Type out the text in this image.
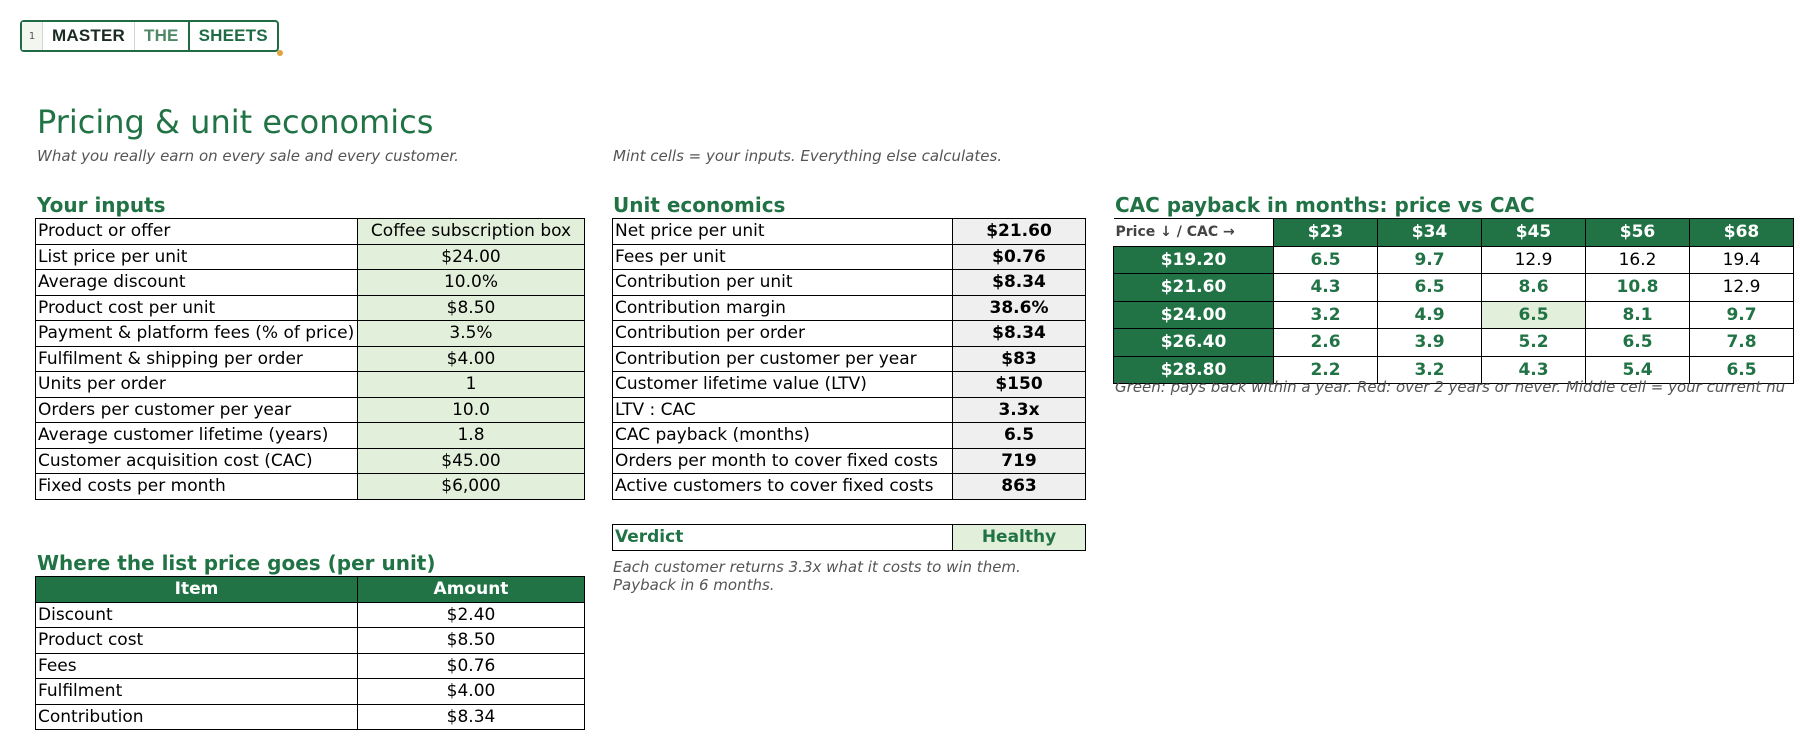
1 MASTER	THE	SHEETS
Pricing & unit economics
What you really earn on every sale and every customer.	Mint cells = your inputs. Everything else calculates.
Your inputs
Product or offer	Coffee subscription box
List price per unit	$24.00
Average discount	10.0%
Product cost per unit	$8.50
Payment & platform fees (% of price)	3.5%
Fulfilment & shipping per order	$4.00
Units per order	1
Orders per customer per year	10.0
Average customer lifetime (years)	1.8
Customer acquisition cost (CAC)	$45.00
Fixed costs per month	$6,000
Unit economics
Net price per unit	$21.60
Fees per unit	$0.76
Contribution per unit	$8.34
Contribution margin	38.6%
Contribution per order	$8.34
Contribution per customer per year	$83
Customer lifetime value (LTV)	$150
LTV : CAC	3.3x
CAC payback (months)	6.5
Orders per month to cover fixed costs	719
Active customers to cover fixed costs	863
Verdict	Healthy
Each customer returns 3.3x what it costs to win them.
Payback in 6 months.
CAC payback in months: price vs CAC
Price ↓ / CAC →	$23	$34	$45	$56	$68
$19.20	6.5	9.7	12.9	16.2	19.4
$21.60	4.3	6.5	8.6	10.8	12.9
$24.00	3.2	4.9	6.5	8.1	9.7
$26.40	2.6	3.9	5.2	6.5	7.8
$28.80	2.2	3.2	4.3	5.4	6.5
Green: pays back within a year. Red: over 2 years or never. Middle cell = your current nu
Where the list price goes (per unit)
Item	Amount
Discount	$2.40
Product cost	$8.50
Fees	$0.76
Fulfilment	$4.00
Contribution	$8.34
